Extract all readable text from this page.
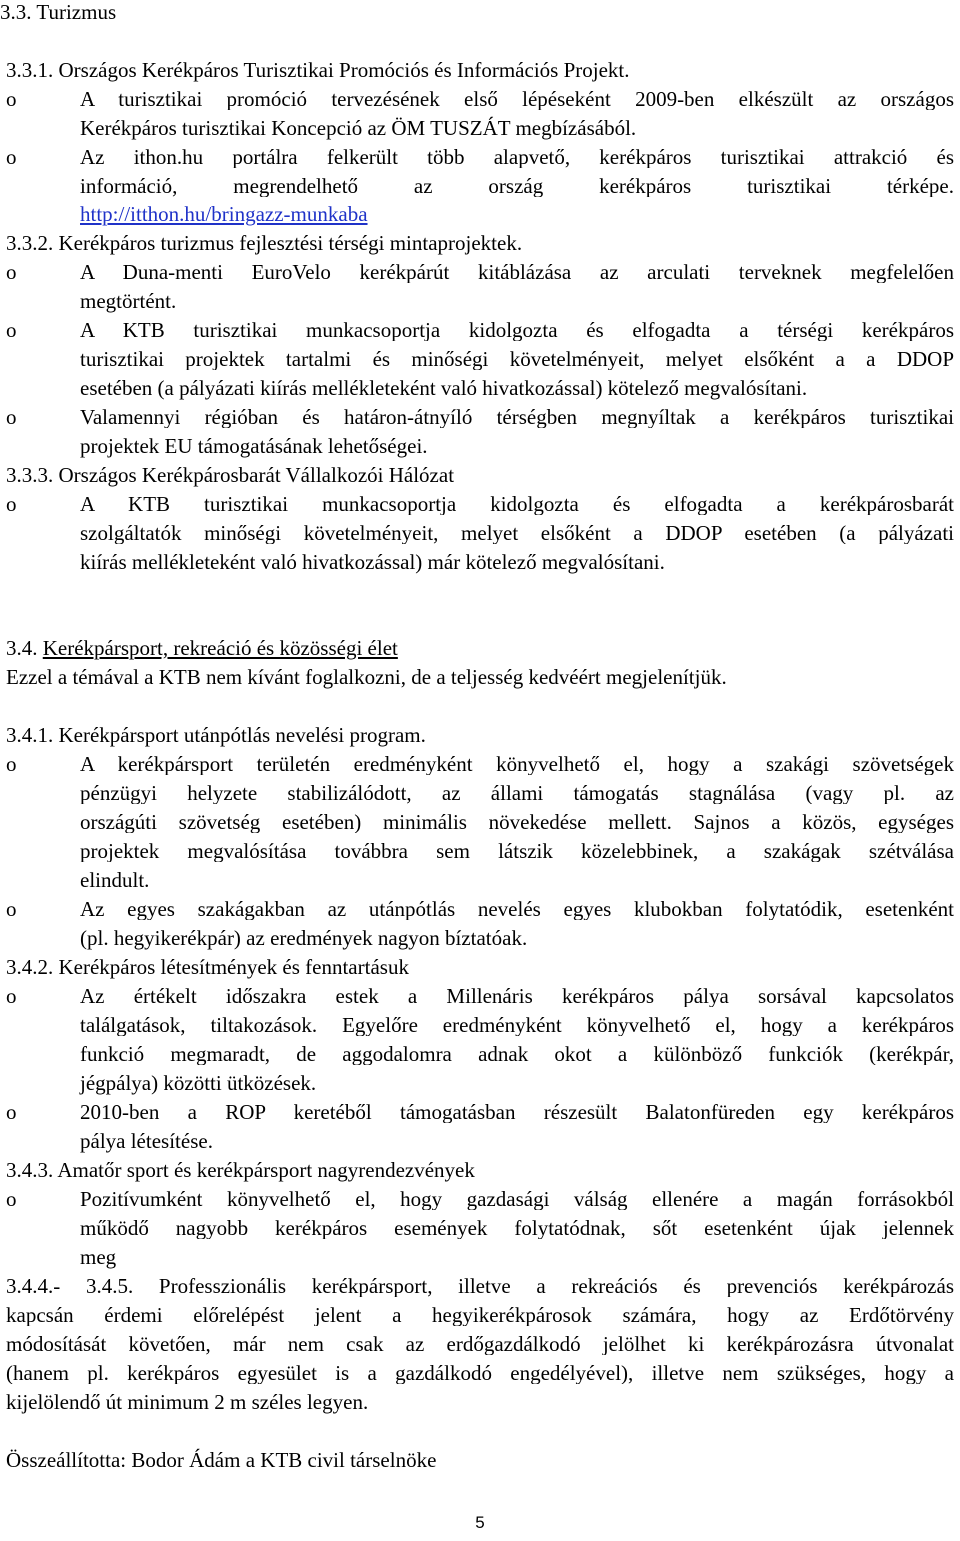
3.3. Turizmus
3.3.1. Országos Kerékpáros Turisztikai Promóciós és Információs Projekt.
o	A turisztikai promóció tervezésének első lépéseként 2009-ben elkészült az országos
Kerékpáros turisztikai Koncepció az ÖM TUSZÁT megbízásából.
o	Az ithon.hu portálra felkerült több alapvető, kerékpáros turisztikai attrakció és
információ, megrendelhető az ország kerékpáros turisztikai térképe.
http://itthon.hu/bringazz-munkaba
3.3.2. Kerékpáros turizmus fejlesztési térségi mintaprojektek.
o	A Duna-menti EuroVelo kerékpárút kitáblázása az arculati terveknek megfelelően
megtörtént.
o	A KTB turisztikai munkacsoportja kidolgozta és elfogadta a térségi kerékpáros
turisztikai projektek tartalmi és minőségi követelményeit, melyet elsőként a a DDOP
esetében (a pályázati kiírás mellékleteként való hivatkozással) kötelező megvalósítani.
o	Valamennyi régióban és határon-átnyíló térségben megnyíltak a kerékpáros turisztikai
projektek EU támogatásának lehetőségei.
3.3.3. Országos Kerékpárosbarát Vállalkozói Hálózat
o	A KTB turisztikai munkacsoportja kidolgozta és elfogadta a kerékpárosbarát
szolgáltatók minőségi követelményeit, melyet elsőként a DDOP esetében (a pályázati
kiírás mellékleteként való hivatkozással) már kötelező megvalósítani.
3.4. Kerékpársport, rekreáció és közösségi élet
Ezzel a témával a KTB nem kívánt foglalkozni, de a teljesség kedvéért megjelenítjük.
3.4.1. Kerékpársport utánpótlás nevelési program.
o	A kerékpársport területén eredményként könyvelhető el, hogy a szakági szövetségek
pénzügyi helyzete stabilizálódott, az állami támogatás stagnálása (vagy pl. az
országúti szövetség esetében) minimális növekedése mellett. Sajnos a közös, egységes
projektek megvalósítása továbbra sem látszik közelebbinek, a szakágak szétválása
elindult.
o	Az egyes szakágakban az utánpótlás nevelés egyes klubokban folytatódik, esetenként
(pl. hegyikerékpár) az eredmények nagyon bíztatóak.
3.4.2. Kerékpáros létesítmények és fenntartásuk
o	Az értékelt időszakra estek a Millenáris kerékpáros pálya sorsával kapcsolatos
találgatások, tiltakozások. Egyelőre eredményként könyvelhető el, hogy a kerékpáros
funkció megmaradt, de aggodalomra adnak okot a különböző funkciók (kerékpár,
jégpálya) közötti ütközések.
o	2010-ben a ROP keretéből támogatásban részesült Balatonfüreden egy kerékpáros
pálya létesítése.
3.4.3. Amatőr sport és kerékpársport nagyrendezvények
o	Pozitívumként könyvelhető el, hogy gazdasági válság ellenére a magán forrásokból
működő nagyobb kerékpáros események folytatódnak, sőt esetenként újak jelennek
meg
3.4.4.- 3.4.5. Professzionális kerékpársport, illetve a rekreációs és prevenciós kerékpározás
kapcsán érdemi előrelépést jelent a hegyikerékpárosok számára, hogy az Erdőtörvény
módosítását követően, már nem csak az erdőgazdálkodó jelölhet ki kerékpározásra útvonalat
(hanem pl. kerékpáros egyesület is a gazdálkodó engedélyével), illetve nem szükséges, hogy a
kijelölendő út minimum 2 m széles legyen.
Összeállította: Bodor Ádám a KTB civil társelnöke
5
